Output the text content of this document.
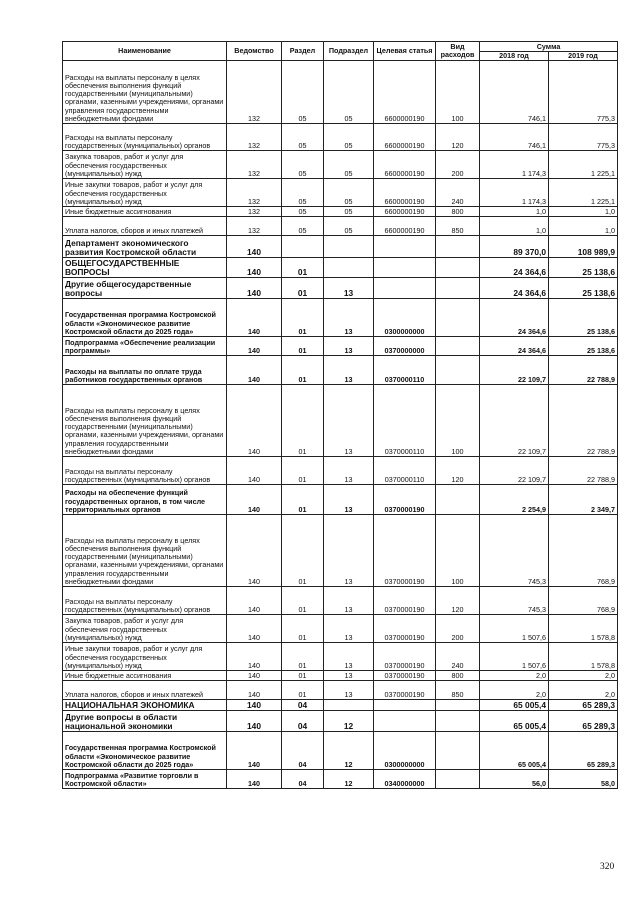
Наименование	Ведомство	Раздел	Подраздел	Целевая статья	Вид расходов	Сумма	
						2018 год	2019 год
Расходы на выплаты персоналу в целях обеспечения выполнения функций государственными (муниципальными) органами, казенными учреждениями, органами управления государственными внебюджетными фондами	132	05	05	6600000190	100	746,1	775,3
Расходы на выплаты персоналу государственных (муниципальных) органов	132	05	05	6600000190	120	746,1	775,3
Закупка товаров, работ и услуг для обеспечения государственных (муниципальных) нужд	132	05	05	6600000190	200	1 174,3	1 225,1
Иные закупки товаров, работ и услуг для обеспечения государственных (муниципальных) нужд	132	05	05	6600000190	240	1 174,3	1 225,1
Иные бюджетные ассигнования	132	05	05	6600000190	800	1,0	1,0
Уплата налогов, сборов и иных платежей	132	05	05	6600000190	850	1,0	1,0
Департамент экономического развития Костромской области	140					89 370,0	108 989,9
ОБЩЕГОСУДАРСТВЕННЫЕ ВОПРОСЫ	140	01				24 364,6	25 138,6
Другие общегосударственные вопросы	140	01	13			24 364,6	25 138,6
Государственная программа Костромской области «Экономическое развитие Костромской области до 2025 года»	140	01	13	0300000000		24 364,6	25 138,6
Подпрограмма «Обеспечение реализации программы»	140	01	13	0370000000		24 364,6	25 138,6
Расходы на выплаты по оплате труда работников государственных органов	140	01	13	0370000110		22 109,7	22 788,9
Расходы на выплаты персоналу в целях обеспечения выполнения функций государственными (муниципальными) органами, казенными учреждениями, органами управления государственными внебюджетными фондами	140	01	13	0370000110	100	22 109,7	22 788,9
Расходы на выплаты персоналу государственных (муниципальных) органов	140	01	13	0370000110	120	22 109,7	22 788,9
Расходы на обеспечение функций государственных органов, в том числе территориальных органов	140	01	13	0370000190		2 254,9	2 349,7
Расходы на выплаты персоналу в целях обеспечения выполнения функций государственными (муниципальными) органами, казенными учреждениями, органами управления государственными внебюджетными фондами	140	01	13	0370000190	100	745,3	768,9
Расходы на выплаты персоналу государственных (муниципальных) органов	140	01	13	0370000190	120	745,3	768,9
Закупка товаров, работ и услуг для обеспечения государственных (муниципальных) нужд	140	01	13	0370000190	200	1 507,6	1 578,8
Иные закупки товаров, работ и услуг для обеспечения государственных (муниципальных) нужд	140	01	13	0370000190	240	1 507,6	1 578,8
Иные бюджетные ассигнования	140	01	13	0370000190	800	2,0	2,0
Уплата налогов, сборов и иных платежей	140	01	13	0370000190	850	2,0	2,0
НАЦИОНАЛЬНАЯ ЭКОНОМИКА	140	04				65 005,4	65 289,3
Другие вопросы в области национальной экономики	140	04	12			65 005,4	65 289,3
Государственная программа Костромской области «Экономическое развитие Костромской области до 2025 года»	140	04	12	0300000000		65 005,4	65 289,3
Подпрограмма «Развитие торговли в Костромской области»	140	04	12	0340000000		56,0	58,0
320
